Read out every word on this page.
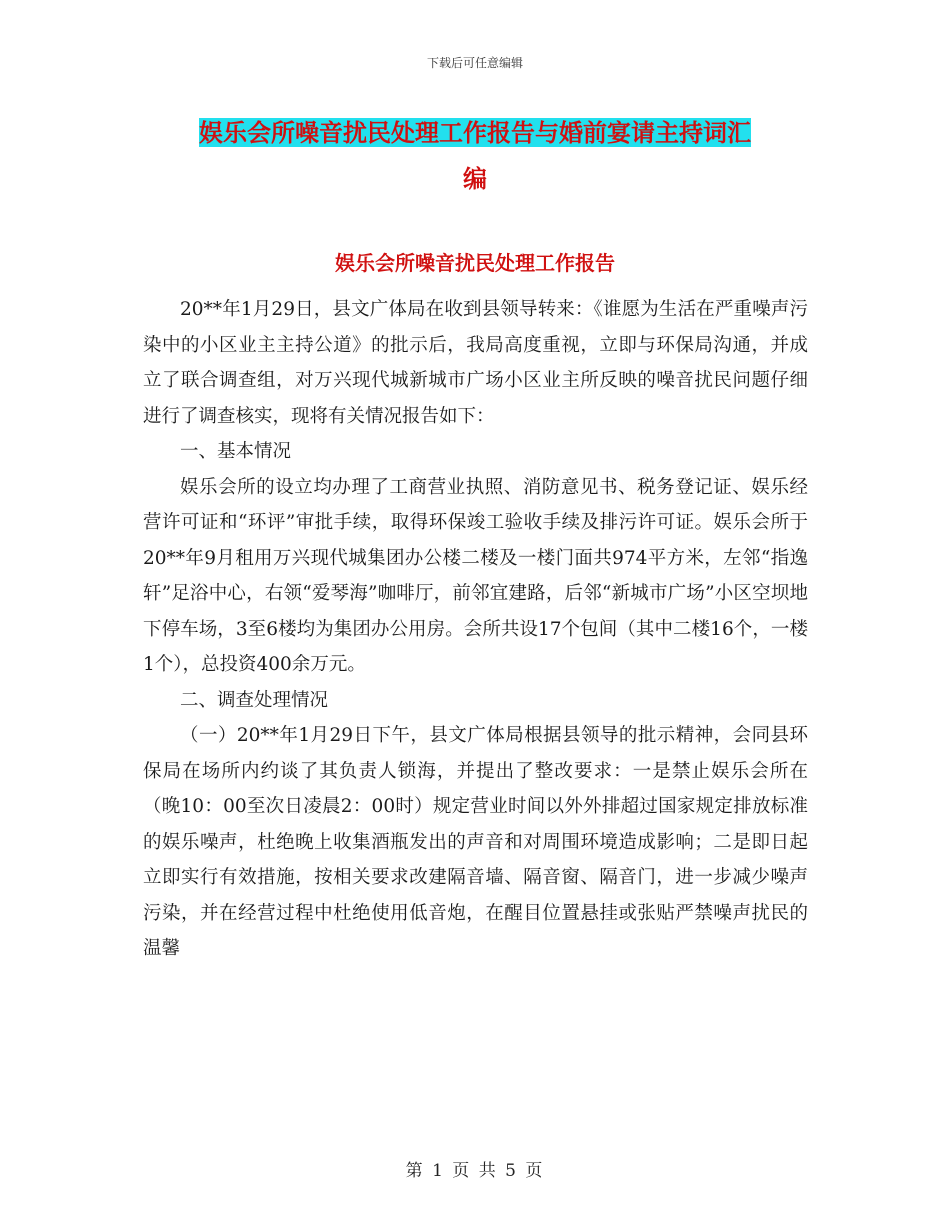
下载后可任意编辑
娱乐会所噪音扰民处理工作报告与婚前宴请主持词汇
编
娱乐会所噪音扰民处理工作报告

20**年1月29日，县文广体局在收到县领导转来：《谁愿为生活在严重噪声污染中的小区业主主持公道》的批示后，我局高度重视，立即与环保局沟通，并成立了联合调查组，对万兴现代城新城市广场小区业主所反映的噪音扰民问题仔细进行了调查核实，现将有关情况报告如下：

一、基本情况

娱乐会所的设立均办理了工商营业执照、消防意见书、税务登记证、娱乐经营许可证和“环评”审批手续，取得环保竣工验收手续及排污许可证。娱乐会所于20**年9月租用万兴现代城集团办公楼二楼及一楼门面共974平方米，左邻“指逸轩”足浴中心，右领“爱琴海”咖啡厅，前邻宜建路，后邻“新城市广场”小区空坝地下停车场，3至6楼均为集团办公用房。会所共设17个包间（其中二楼16个，一楼1个），总投资400余万元。

二、调查处理情况

（一）20**年1月29日下午，县文广体局根据县领导的批示精神，会同县环保局在场所内约谈了其负责人锁海，并提出了整改要求：一是禁止娱乐会所在（晚10：00至次日凌晨2：00时）规定营业时间以外外排超过国家规定排放标准的娱乐噪声，杜绝晚上收集酒瓶发出的声音和对周围环境造成影响；二是即日起立即实行有效措施，按相关要求改建隔音墙、隔音窗、隔音门，进一步减少噪声污染，并在经营过程中杜绝使用低音炮，在醒目位置悬挂或张贴严禁噪声扰民的温馨

第 1 页 共 5 页
